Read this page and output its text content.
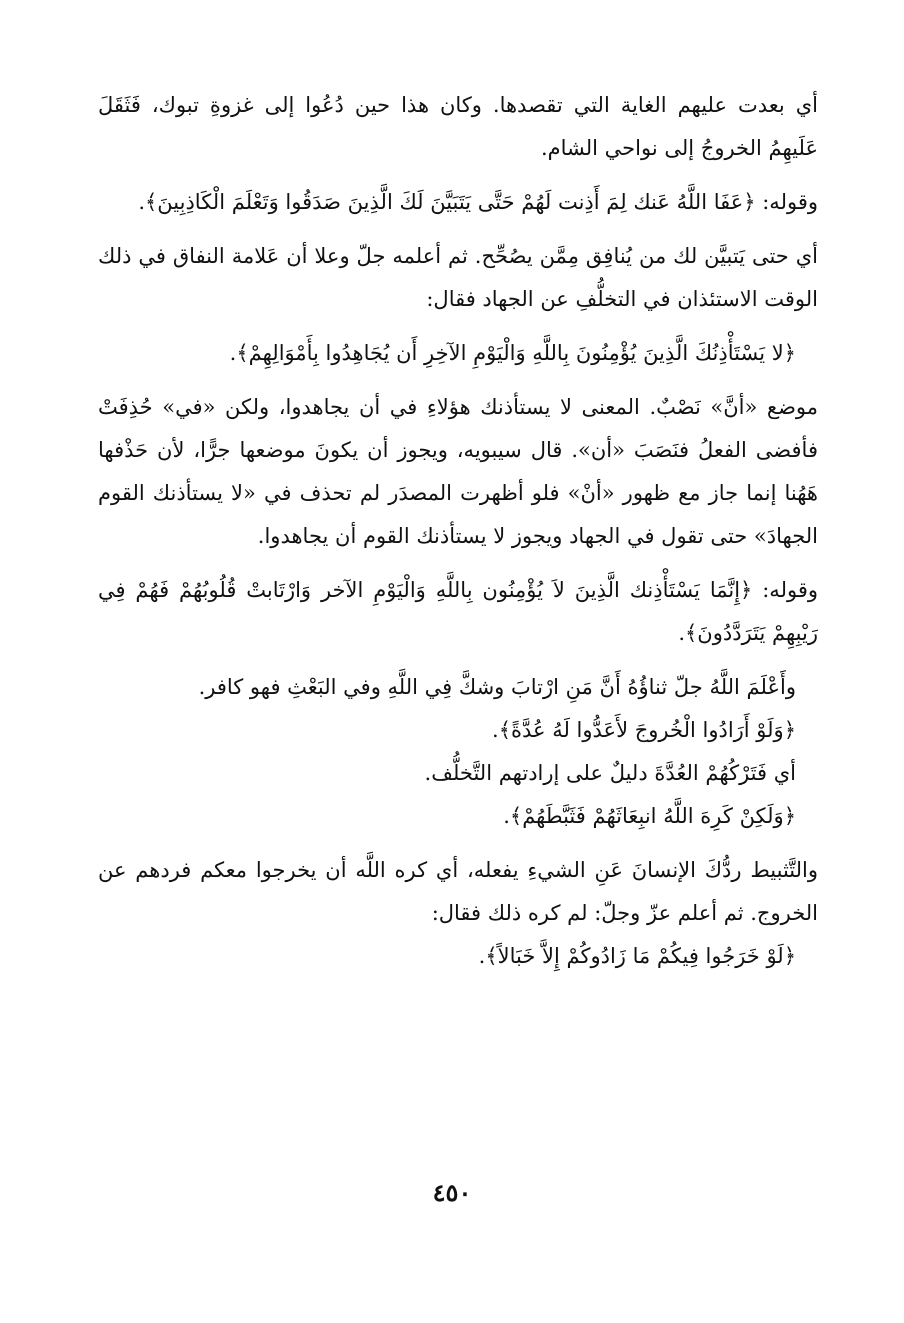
أي بعدت عليهم الغاية التي تقصدها. وكان هذا حين دُعُوا إلى غزوةِ تبوك، فَثَقَلَ عَلَيهِمُ الخروجُ إلى نواحي الشام.

وقوله: ﴿عَفَا اللَّهُ عَنك لِمَ أَذِنت لَهُمْ حَتَّى يَتَبَيَّنَ لَكَ الَّذِينَ صَدَقُوا وَتَعْلَمَ الْكَاذِبِينَ﴾.

أي حتى يَتبيَّن لك من يُنافِق مِمَّن يصُحِّح. ثم أعلمه جلّ وعلا أن عَلامة النفاق في ذلك الوقت الاستئذان في التخلُّفِ عن الجهاد فقال:

﴿لا يَسْتَأْذِنُكَ الَّذِينَ يُؤْمِنُونَ بِاللَّهِ وَالْيَوْمِ الآخِرِ أَن يُجَاهِدُوا بِأَمْوَالِهِمْ﴾.

موضع «أنَّ» نَصْبٌ. المعنى لا يستأذنك هؤلاءِ في أن يجاهدوا، ولكن «في» حُذِفَتْ فأفضى الفعلُ فنَصَبَ «أن». قال سيبويه، ويجوز أن يكونَ موضعها جرًّا، لأن حَذْفها هَهُنا إنما جاز مع ظهور «أنْ» فلو أظهرت المصدَر لم تحذف في «لا يستأذنك القوم الجهادَ» حتى تقول في الجهاد ويجوز لا يستأذنك القوم أن يجاهدوا.

وقوله: ﴿إِنَّمَا يَسْتَأْذِنك الَّذِينَ لاَ يُؤْمِنُون بِاللَّهِ وَالْيَوْمِ الآخر وَارْتَابتْ قُلُوبُهُمْ فَهُمْ فِي رَيْبِهِمْ يَتَرَدَّدُونَ﴾.

وأَعْلَمَ اللَّهُ جلّ ثناؤُهُ أَنَّ مَنِ ارْتابَ وشكَّ فِي اللَّهِ وفي البَعْثِ فهو كافر.

﴿وَلَوْ أَرَادُوا الْخُروجَ لأَعَدُّوا لَهُ عُدَّةً﴾.

أي فَتَرْكُهُمْ العُدَّةَ دليلٌ على إرادتهم التَّخلُّف.

﴿وَلَكِنْ كَرِهَ اللَّهُ انبِعَاثَهُمْ فَثَبَّطَهُمْ﴾.

والتَّثبيط ردُّكَ الإنسانَ عَنِ الشيءِ يفعله، أي كره اللَّه أن يخرجوا معكم فردهم عن الخروج. ثم أعلم عزّ وجلّ: لم كره ذلك فقال:

﴿لَوْ خَرَجُوا فِيكُمْ مَا زَادُوكُمْ إِلاَّ خَبَالاً﴾.

٤٥٠
